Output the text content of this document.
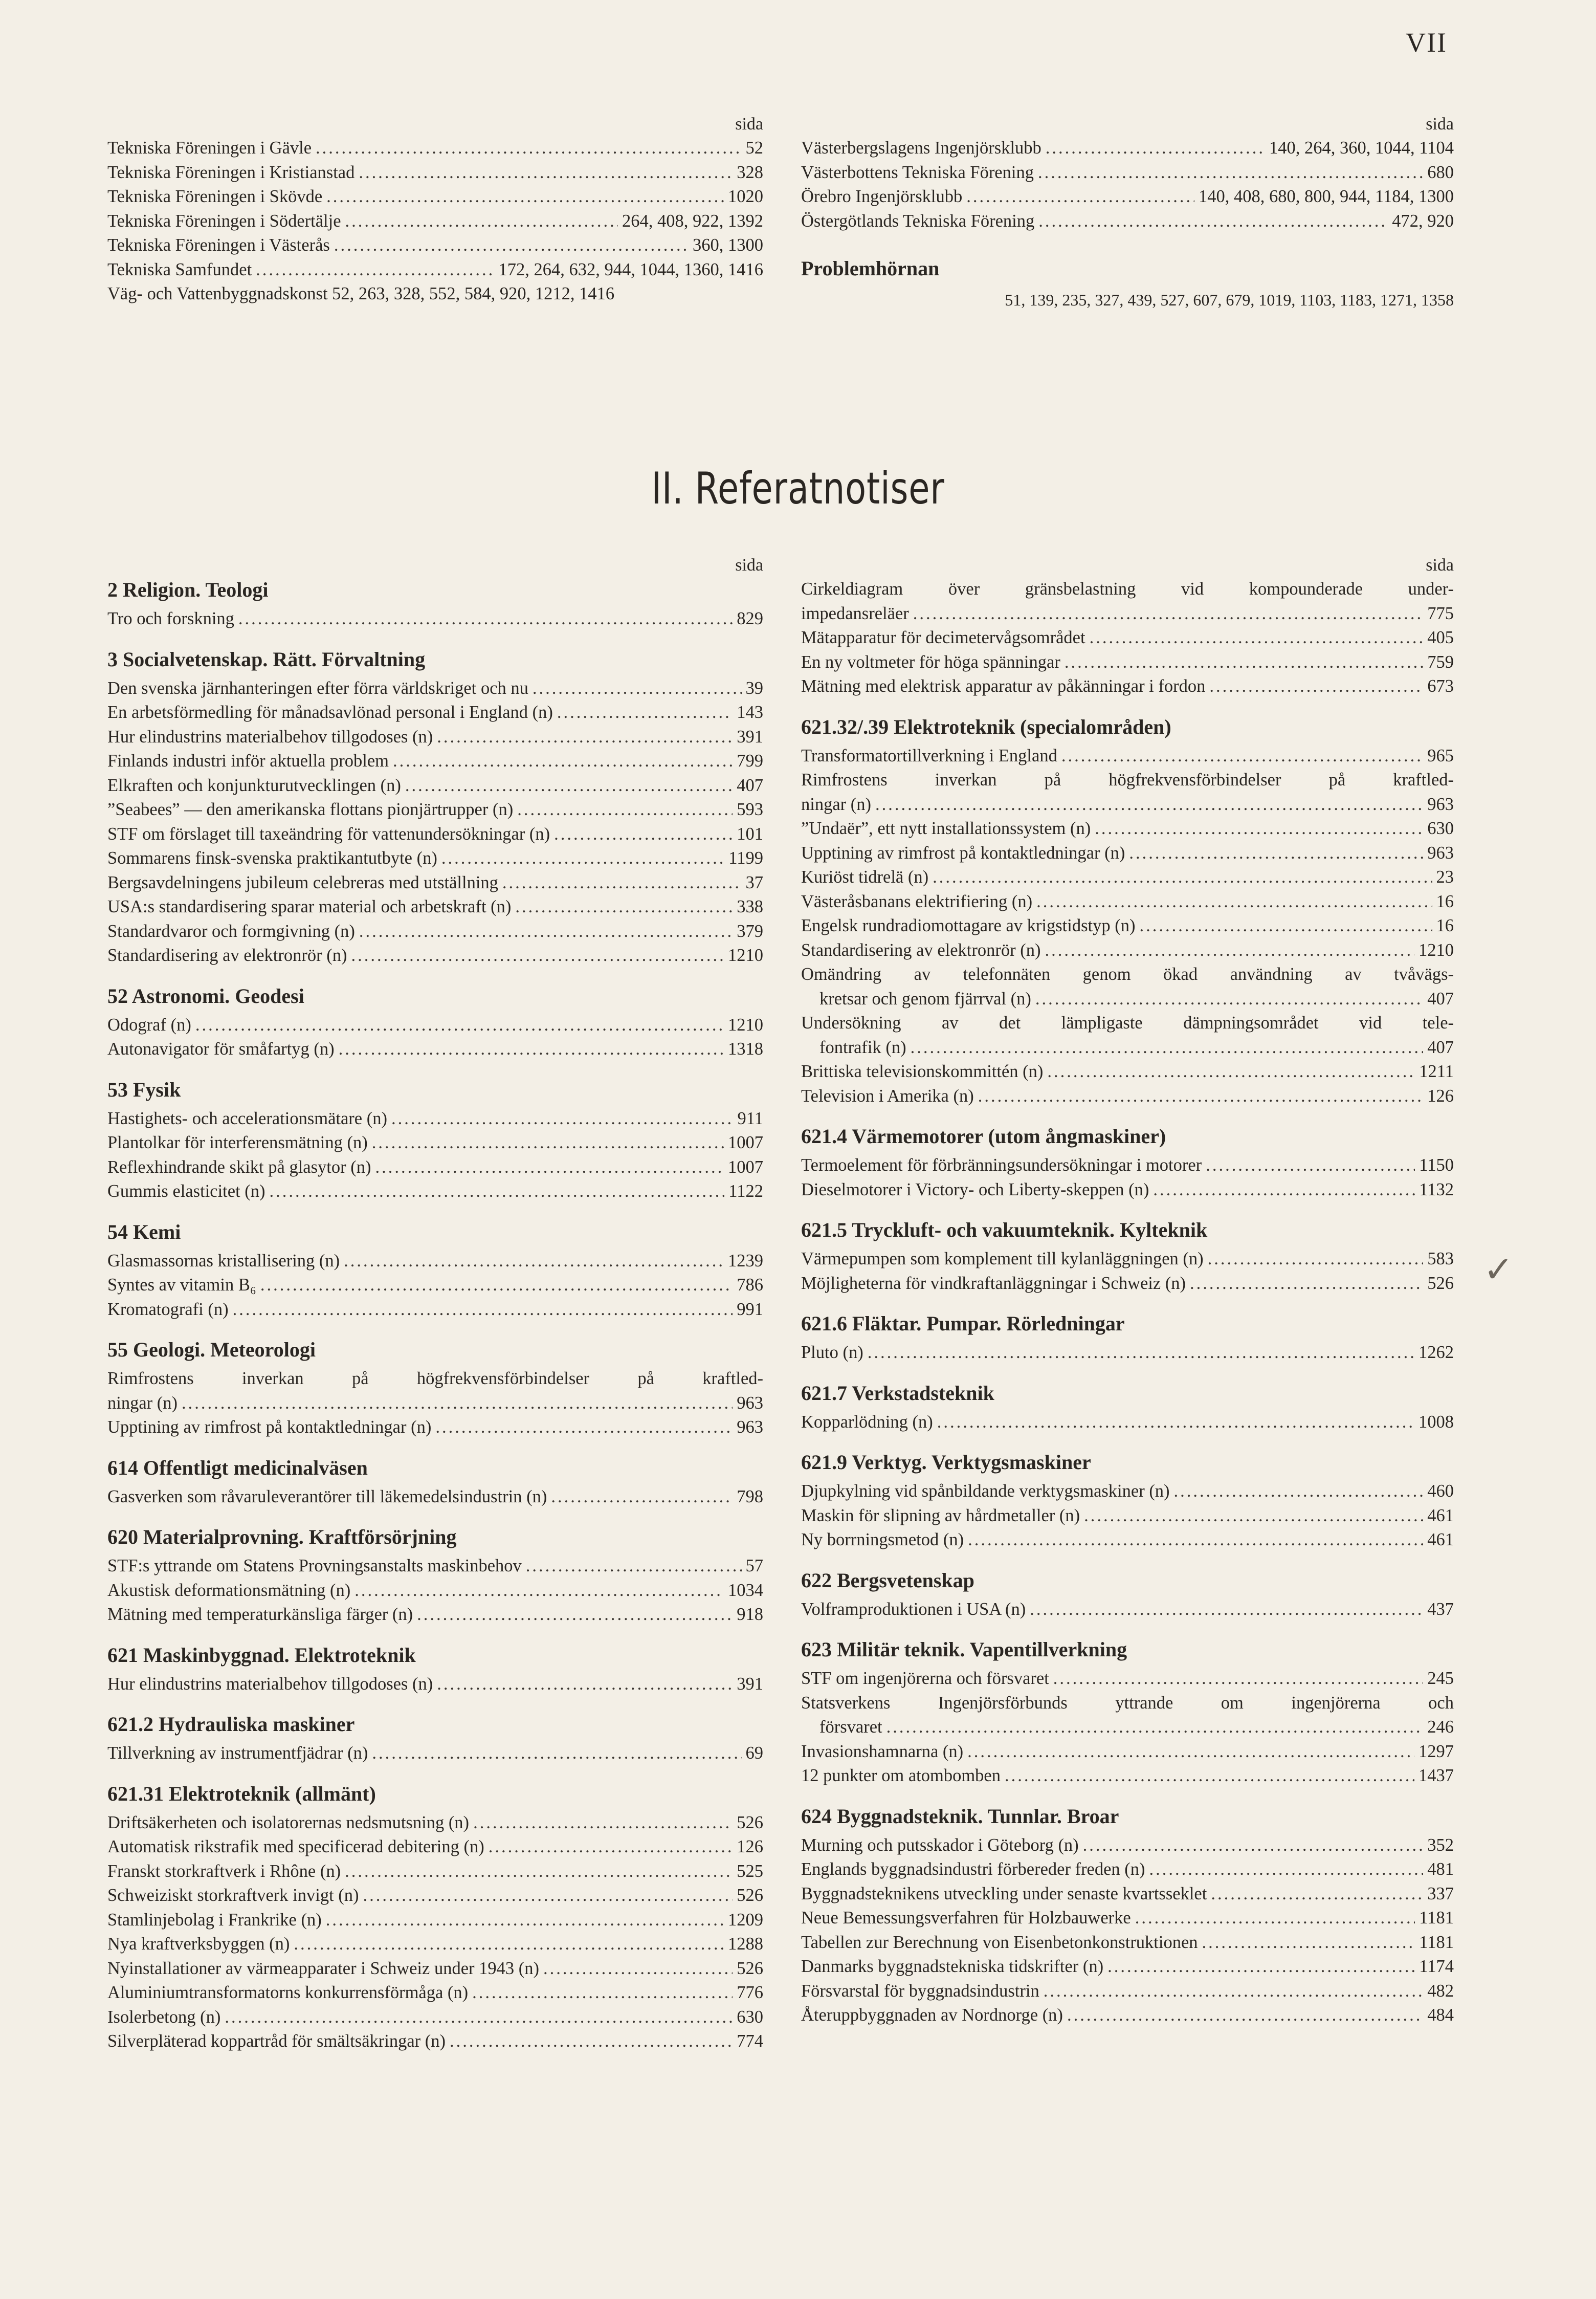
VII
sida
Tekniska Föreningen i Gävle .....	52
Tekniska Föreningen i Kristianstad .....	328
Tekniska Föreningen i Skövde .....	1020
Tekniska Föreningen i Södertälje .....	264, 408, 922, 1392
Tekniska Föreningen i Västerås .....	360, 1300
Tekniska Samfundet .....	172, 264, 632, 944, 1044, 1360, 1416
Väg- och Vattenbyggnadskonst 52, 263, 328, 552, 584, 920, 1212, 1416
sida
Västerbergslagens Ingenjörsklubb .....	140, 264, 360, 1044, 1104
Västerbottens Tekniska Förening .....	680
Örebro Ingenjörsklubb .....	140, 408, 680, 800, 944, 1184, 1300
Östergötlands Tekniska Förening .....	472, 920
Problemhörnan
51, 139, 235, 327, 439, 527, 607, 679, 1019, 1103, 1183, 1271, 1358
II. Referatnotiser
sida
2 Religion. Teologi
Tro och forskning .....	829
3 Socialvetenskap. Rätt. Förvaltning
Den svenska järnhanteringen efter förra världskriget och nu .....	39
En arbetsförmedling för månadsavlönad personal i England (n) .....	143
Hur elindustrins materialbehov tillgodoses (n) .....	391
Finlands industri inför aktuella problem .....	799
Elkraften och konjunkturutvecklingen (n) .....	407
”Seabees” — den amerikanska flottans pionjärtrupper (n) .....	593
STF om förslaget till taxeändring för vattenundersökningar (n) .....	101
Sommarens finsk-svenska praktikantutbyte (n) .....	1199
Bergsavdelningens jubileum celebreras med utställning .....	37
USA:s standardisering sparar material och arbetskraft (n) .....	338
Standardvaror och formgivning (n) .....	379
Standardisering av elektronrör (n) .....	1210
52 Astronomi. Geodesi
Odograf (n) .....	1210
Autonavigator för småfartyg (n) .....	1318
53 Fysik
Hastighets- och accelerationsmätare (n) .....	911
Plantolkar för interferensmätning (n) .....	1007
Reflexhindrande skikt på glasytor (n) .....	1007
Gummis elasticitet (n) .....	1122
54 Kemi
Glasmassornas kristallisering (n) .....	1239
Syntes av vitamin B₆ .....	786
Kromatografi (n) .....	991
55 Geologi. Meteorologi
Rimfrostens inverkan på högfrekvensförbindelser på kraftled-
ningar (n) .....	963
Upptining av rimfrost på kontaktledningar (n) .....	963
614 Offentligt medicinalväsen
Gasverken som råvaruleverantörer till läkemedelsindustrin (n) .....	798
620 Materialprovning. Kraftförsörjning
STF:s yttrande om Statens Provningsanstalts maskinbehov .....	57
Akustisk deformationsmätning (n) .....	1034
Mätning med temperaturkänsliga färger (n) .....	918
621 Maskinbyggnad. Elektroteknik
Hur elindustrins materialbehov tillgodoses (n) .....	391
621.2 Hydrauliska maskiner
Tillverkning av instrumentfjädrar (n) .....	69
621.31 Elektroteknik (allmänt)
Driftsäkerheten och isolatorernas nedsmutsning (n) .....	526
Automatisk rikstrafik med specificerad debitering (n) .....	126
Franskt storkraftverk i Rhône (n) .....	525
Schweiziskt storkraftverk invigt (n) .....	526
Stamlinjebolag i Frankrike (n) .....	1209
Nya kraftverksbyggen (n) .....	1288
Nyinstallationer av värmeapparater i Schweiz under 1943 (n) .....	526
Aluminiumtransformatorns konkurrensförmåga (n) .....	776
Isolerbetong (n) .....	630
Silverpläterad koppartråd för smältsäkringar (n) .....	774
sida
Cirkeldiagram över gränsbelastning vid kompounderade under-
impedansreläer .....	775
Mätapparatur för decimetervågsområdet .....	405
En ny voltmeter för höga spänningar .....	759
Mätning med elektrisk apparatur av påkänningar i fordon .....	673
621.32/.39 Elektroteknik (specialområden)
Transformatortillverkning i England .....	965
Rimfrostens inverkan på högfrekvensförbindelser på kraftled-
ningar (n) .....	963
”Undaër”, ett nytt installationssystem (n) .....	630
Upptining av rimfrost på kontaktledningar (n) .....	963
Kuriöst tidrelä (n) .....	23
Västeråsbanans elektrifiering (n) .....	16
Engelsk rundradiomottagare av krigstidstyp (n) .....	16
Standardisering av elektronrör (n) .....	1210
Omändring av telefonnäten genom ökad användning av tvåvägs-
kretsar och genom fjärrval (n) .....	407
Undersökning av det lämpligaste dämpningsområdet vid tele-
fontrafik (n) .....	407
Brittiska televisionskommittén (n) .....	1211
Television i Amerika (n) .....	126
621.4 Värmemotorer (utom ångmaskiner)
Termoelement för förbränningsundersökningar i motorer .....	1150
Dieselmotorer i Victory- och Liberty-skeppen (n) .....	1132
621.5 Tryckluft- och vakuumteknik. Kylteknik
Värmepumpen som komplement till kylanläggningen (n) .....	583
Möjligheterna för vindkraftanläggningar i Schweiz (n) .....	526
621.6 Fläktar. Pumpar. Rörledningar
Pluto (n) .....	1262
621.7 Verkstadsteknik
Kopparlödning (n) .....	1008
621.9 Verktyg. Verktygsmaskiner
Djupkylning vid spånbildande verktygsmaskiner (n) .....	460
Maskin för slipning av hårdmetaller (n) .....	461
Ny borrningsmetod (n) .....	461
622 Bergsvetenskap
Volframproduktionen i USA (n) .....	437
623 Militär teknik. Vapentillverkning
STF om ingenjörerna och försvaret .....	245
Statsverkens Ingenjörsförbunds yttrande om ingenjörerna och
försvaret .....	246
Invasionshamnarna (n) .....	1297
12 punkter om atombomben .....	1437
624 Byggnadsteknik. Tunnlar. Broar
Murning och putsskador i Göteborg (n) .....	352
Englands byggnadsindustri förbereder freden (n) .....	481
Byggnadsteknikens utveckling under senaste kvartsseklet .....	337
Neue Bemessungsverfahren für Holzbauwerke .....	1181
Tabellen zur Berechnung von Eisenbetonkonstruktionen .....	1181
Danmarks byggnadstekniska tidskrifter (n) .....	1174
Försvarstal för byggnadsindustrin .....	482
Återuppbyggnaden av Nordnorge (n) .....	484
✓
